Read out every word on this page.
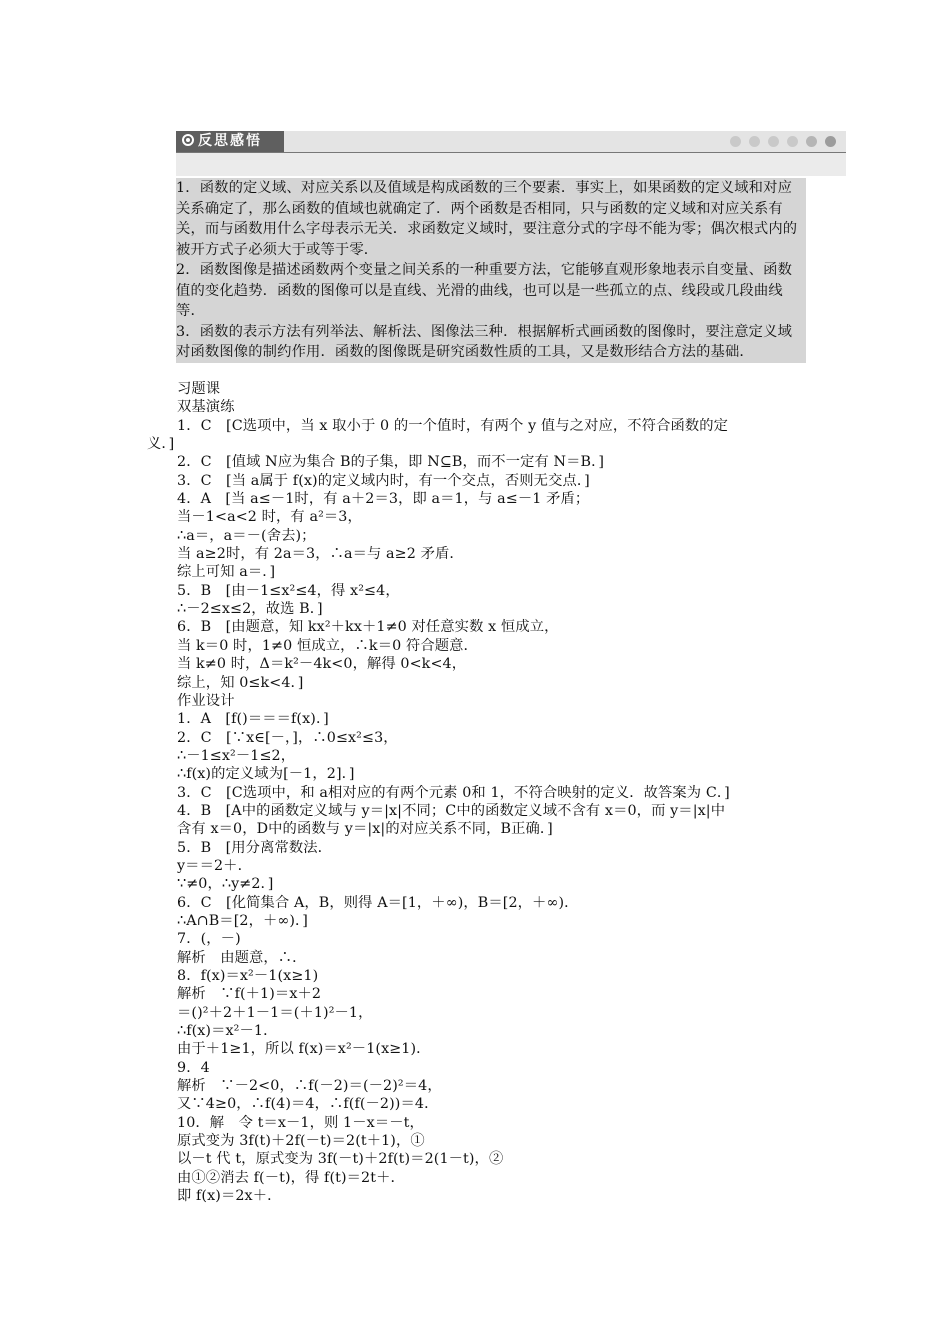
反思感悟

1．函数的定义域、对应关系以及值域是构成函数的三个要素．事实上，如果函数的定义域和对应关系确定了，那么函数的值域也就确定了．两个函数是否相同，只与函数的定义域和对应关系有关，而与函数用什么字母表示无关．求函数定义域时，要注意分式的字母不能为零；偶次根式内的被开方式子必须大于或等于零．

2．函数图像是描述函数两个变量之间关系的一种重要方法，它能够直观形象地表示自变量、函数值的变化趋势．函数的图像可以是直线、光滑的曲线，也可以是一些孤立的点、线段或几段曲线等．

3．函数的表示方法有列举法、解析法、图像法三种．根据解析式画函数的图像时，要注意定义域对函数图像的制约作用．函数的图像既是研究函数性质的工具，又是数形结合方法的基础．

习题课
双基演练
1．C　[C选项中，当 x 取小于 0 的一个值时，有两个 y 值与之对应，不符合函数的定
义．]
2．C　[值域 N应为集合 B的子集，即 N⊆B，而不一定有 N＝B．]
3．C　[当 a属于 f(x)的定义域内时，有一个交点，否则无交点．]
4．A　[当 a≤－1时，有 a＋2＝3，即 a＝1，与 a≤－1 矛盾；
当－1<a<2 时，有 a²＝3，
∴a＝，a＝－(舍去)；
当 a≥2时，有 2a＝3，∴a＝与 a≥2 矛盾．
综上可知 a＝．]
5．B　[由－1≤x²≤4，得 x²≤4，
∴－2≤x≤2，故选 B．]
6．B　[由题意，知 kx²＋kx＋1≠0 对任意实数 x 恒成立，
当 k＝0 时，1≠0 恒成立，∴k＝0 符合题意．
当 k≠0 时，Δ＝k²－4k<0，解得 0<k<4，
综上，知 0≤k<4．]
作业设计
1．A　[f()＝＝＝f(x)．]
2．C　[∵x∈[－，]，∴0≤x²≤3，
∴－1≤x²－1≤2，
∴f(x)的定义域为[－1，2]．]
3．C　[C选项中，和 a相对应的有两个元素 0和 1，不符合映射的定义．故答案为 C．]
4．B　[A中的函数定义域与 y＝|x|不同；C中的函数定义域不含有 x＝0，而 y＝|x|中
含有 x＝0，D中的函数与 y＝|x|的对应关系不同，B正确．]
5．B　[用分离常数法．
y＝＝2＋．
∵≠0，∴y≠2．]
6．C　[化简集合 A，B，则得 A＝[1，＋∞)，B＝[2，＋∞)．
∴A∩B＝[2，＋∞)．]
7．(，－)
解析　由题意，∴．
8．f(x)＝x²－1(x≥1)
解析　∵f(＋1)＝x＋2
＝()²＋2＋1－1＝(＋1)²－1，
∴f(x)＝x²－1．
由于＋1≥1，所以 f(x)＝x²－1(x≥1)．
9．4
解析　∵－2<0，∴f(－2)＝(－2)²＝4，
又∵4≥0，∴f(4)＝4，∴f(f(－2))＝4．
10．解　令 t＝x－1，则 1－x＝－t，
原式变为 3f(t)＋2f(－t)＝2(t＋1)，①
以－t 代 t，原式变为 3f(－t)＋2f(t)＝2(1－t)，②
由①②消去 f(－t)，得 f(t)＝2t＋．
即 f(x)＝2x＋．
